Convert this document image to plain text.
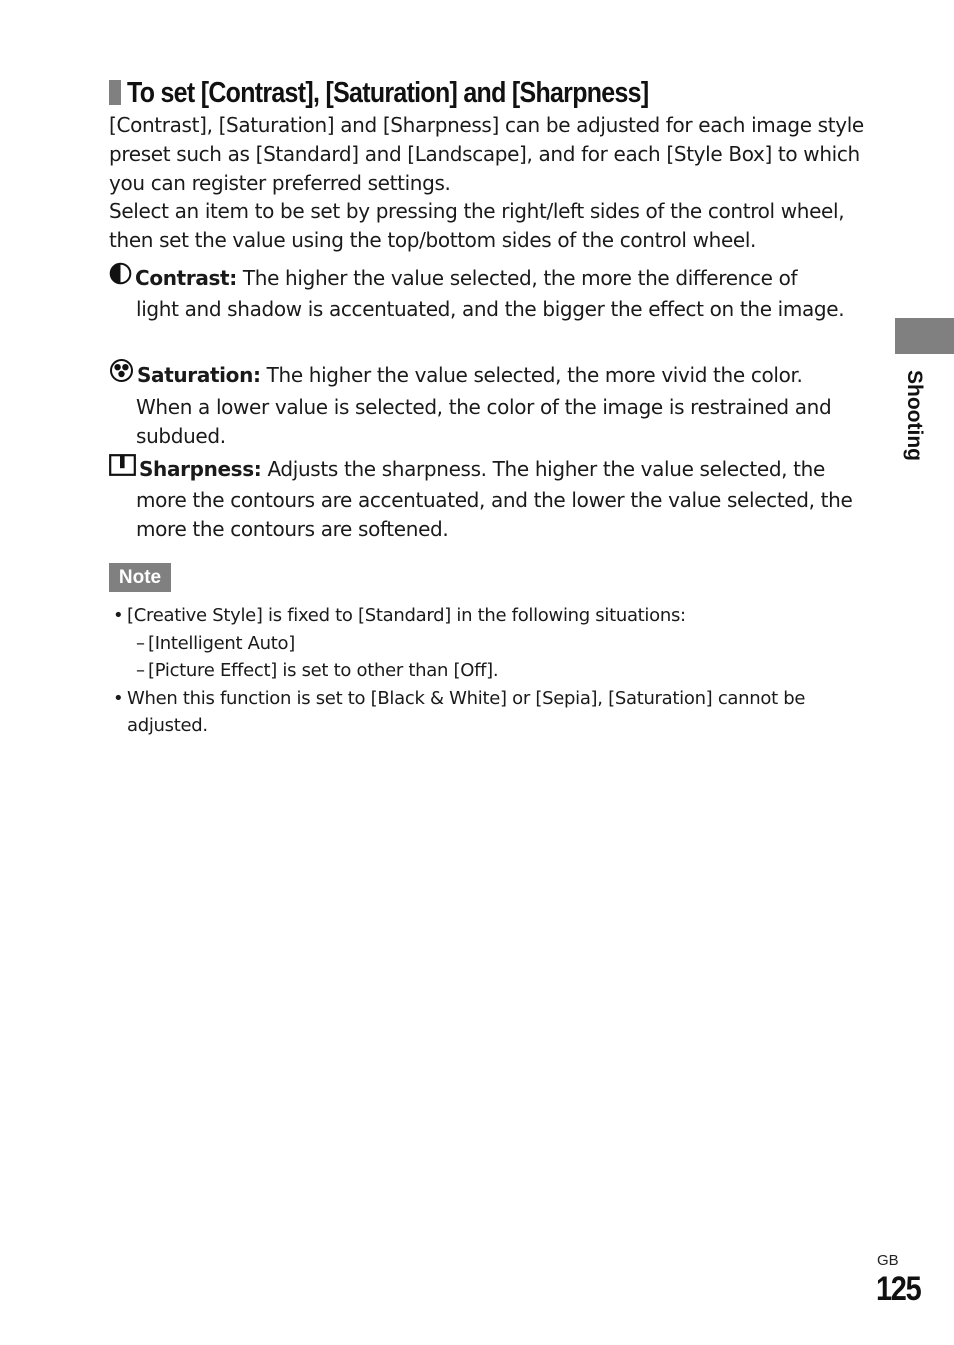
To set [Contrast], [Saturation] and [Sharpness]

[Contrast], [Saturation] and [Sharpness] can be adjusted for each image style preset such as [Standard] and [Landscape], and for each [Style Box] to which you can register preferred settings.

Select an item to be set by pressing the right/left sides of the control wheel, then set the value using the top/bottom sides of the control wheel.

Contrast: The higher the value selected, the more the difference of

light and shadow is accentuated, and the bigger the effect on the image.

Saturation: The higher the value selected, the more vivid the color.

When a lower value is selected, the color of the image is restrained and subdued.

Sharpness: Adjusts the sharpness. The higher the value selected, the

more the contours are accentuated, and the lower the value selected, the more the contours are softened.

Note

• [Creative Style] is fixed to [Standard] in the following situations:

– [Intelligent Auto]

– [Picture Effect] is set to other than [Off].

• When this function is set to [Black & White] or [Sepia], [Saturation] cannot be adjusted.

Shooting
GB
125
